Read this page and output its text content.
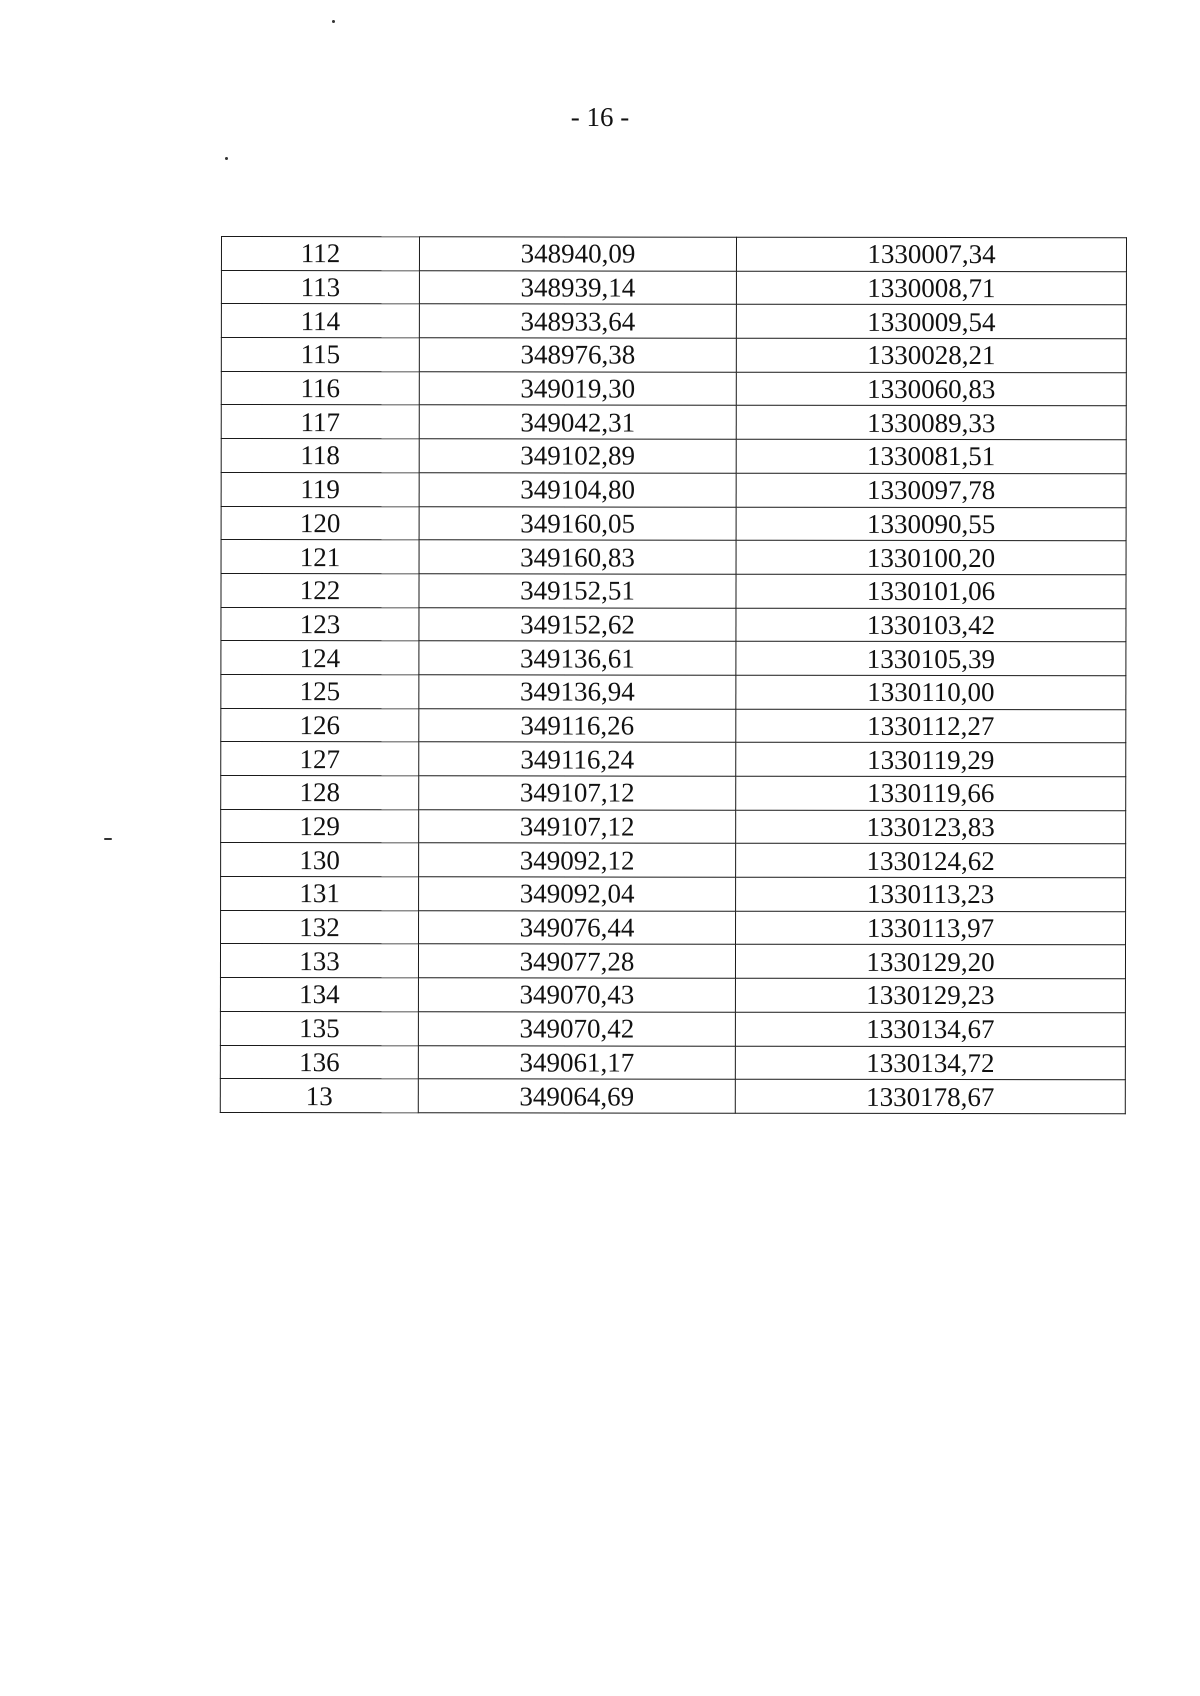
- 16 -
112	348940,09	1330007,34
113	348939,14	1330008,71
114	348933,64	1330009,54
115	348976,38	1330028,21
116	349019,30	1330060,83
117	349042,31	1330089,33
118	349102,89	1330081,51
119	349104,80	1330097,78
120	349160,05	1330090,55
121	349160,83	1330100,20
122	349152,51	1330101,06
123	349152,62	1330103,42
124	349136,61	1330105,39
125	349136,94	1330110,00
126	349116,26	1330112,27
127	349116,24	1330119,29
128	349107,12	1330119,66
129	349107,12	1330123,83
130	349092,12	1330124,62
131	349092,04	1330113,23
132	349076,44	1330113,97
133	349077,28	1330129,20
134	349070,43	1330129,23
135	349070,42	1330134,67
136	349061,17	1330134,72
13	349064,69	1330178,67
